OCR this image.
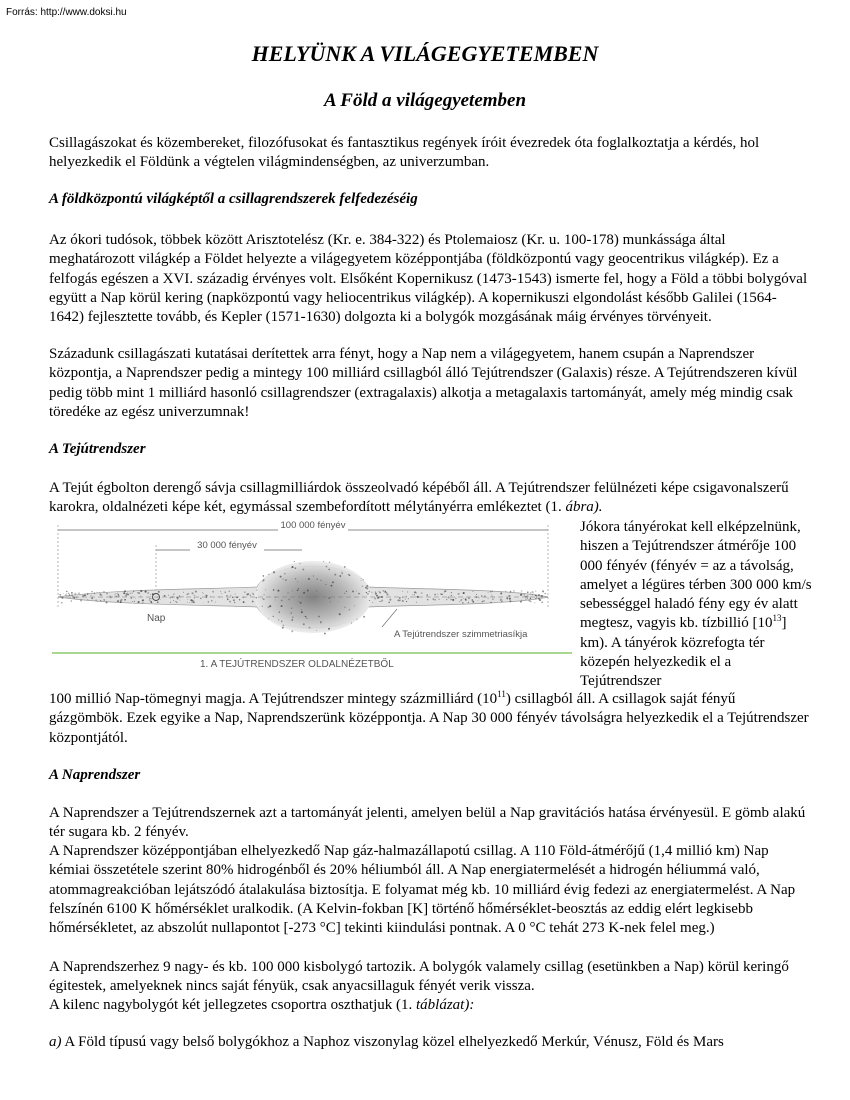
Forrás: http://www.doksi.hu
HELYÜNK A VILÁGEGYETEMBEN
A Föld a világegyetemben
Csillagászokat és közembereket, filozófusokat és fantasztikus regények íróit évezredek óta foglalkoztatja a kérdés, hol helyezkedik el Földünk a végtelen világmindenségben, az univerzumban.
A földközpontú világképtől a csillagrendszerek felfedezéséig
Az ókori tudósok, többek között Arisztotelész (Kr. e. 384-322) és Ptolemaiosz (Kr. u. 100-178) munkássága által meghatározott világkép a Földet helyezte a világegyetem középpontjába (földközpontú vagy geocentrikus világkép). Ez a felfogás egészen a XVI. századig érvényes volt. Elsőként Kopernikusz (1473-1543) ismerte fel, hogy a Föld a többi bolygóval együtt a Nap körül kering (napközpontú vagy heliocentrikus világkép). A kopernikuszi elgondolást később Galilei (1564-1642) fejlesztette tovább, és Kepler (1571-1630) dolgozta ki a bolygók mozgásának máig érvényes törvényeit.
Századunk csillagászati kutatásai derítettek arra fényt, hogy a Nap nem a világegyetem, hanem csupán a Naprendszer központja, a Naprendszer pedig a mintegy 100 milliárd csillagból álló Tejútrendszer (Galaxis) része. A Tejútrendszeren kívül pedig több mint 1 milliárd hasonló csillagrendszer (extragalaxis) alkotja a metagalaxis tartományát, amely még mindig csak töredéke az egész univerzumnak!
A Tejútrendszer
A Tejút égbolton derengő sávja csillagmilliárdok összeolvadó képéből áll. A Tejútrendszer felülnézeti képe csigavonalszerű karokra, oldalnézeti képe két, egymással szembefordított mélytányérra emlékeztet (1. ábra).
100 000 fényév
30 000 fényév
Nap
A Tejútrendszer szimmetriasíkja
1. A TEJÚTRENDSZER OLDALNÉZETBŐL
Jókora tányérokat kell elképzelnünk, hiszen a Tejútrendszer átmérője 100 000 fényév (fényév = az a távolság, amelyet a légüres térben 300 000 km/s sebességgel haladó fény egy év alatt megtesz, vagyis kb. tízbillió $[10^{13}]$ km). A tányérok közrefogta tér közepén helyezkedik el a Tejútrendszer
100 millió Nap-tömegnyi magja. A Tejútrendszer mintegy százmilliárd $(10^{11})$ csillagból áll. A csillagok saját fényű gázgömbök. Ezek egyike a Nap, Naprendszerünk középpontja. A Nap 30 000 fényév távolságra helyezkedik el a Tejútrendszer központjától.
A Naprendszer
A Naprendszer a Tejútrendszernek azt a tartományát jelenti, amelyen belül a Nap gravitációs hatása érvényesül. E gömb alakú tér sugara kb. 2 fényév.
A Naprendszer középpontjában elhelyezkedő Nap gáz-halmazállapotú csillag. A 110 Föld-átmérőjű (1,4 millió km) Nap kémiai összetétele szerint 80% hidrogénből és 20% héliumból áll. A Nap energiatermelését a hidrogén héliummá való, atommagreakcióban lejátszódó átalakulása biztosítja. E folyamat még kb. 10 milliárd évig fedezi az energiatermelést. A Nap felszínén 6100 K hőmérséklet uralkodik. (A Kelvin-fokban [K] történő hőmérséklet-beosztás az eddig elért legkisebb hőmérsékletet, az abszolút nullapontot [-273 °C] tekinti kiindulási pontnak. A 0 °C tehát 273 K-nek felel meg.)
A Naprendszerhez 9 nagy- és kb. 100 000 kisbolygó tartozik. A bolygók valamely csillag (esetünkben a Nap) körül keringő égitestek, amelyeknek nincs saját fényük, csak anyacsillaguk fényét verik vissza.
A kilenc nagybolygót két jellegzetes csoportra oszthatjuk (1. táblázat):
a) A Föld típusú vagy belső bolygókhoz a Naphoz viszonylag közel elhelyezkedő Merkúr, Vénusz, Föld és Mars
